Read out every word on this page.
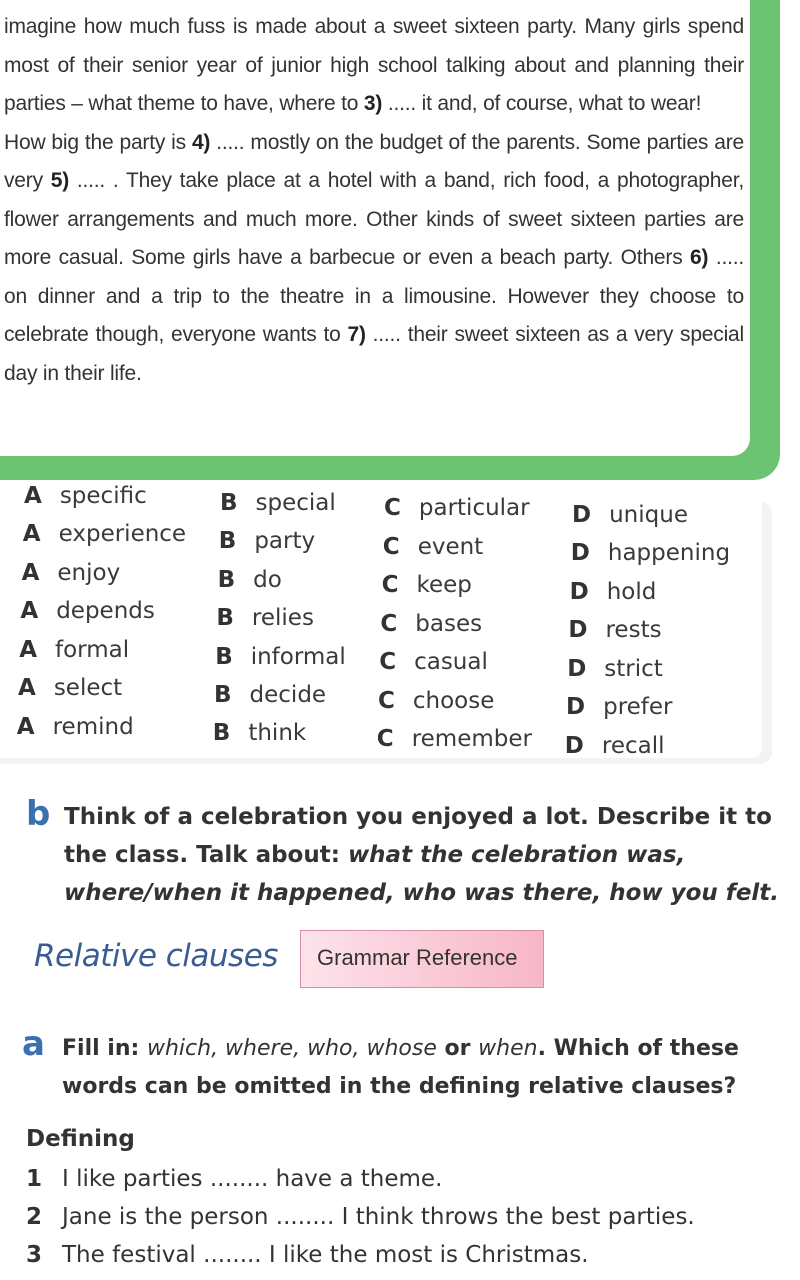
imagine how much fuss is made about a sweet sixteen party. Many girls spend most of their senior year of junior high school talking about and planning their parties – what theme to have, where to 3) ..... it and, of course, what to wear!

How big the party is 4) ..... mostly on the budget of the parents. Some parties are very 5) ..... . They take place at a hotel with a band, rich food, a photographer, flower arrangements and much more. Other kinds of sweet sixteen parties are more casual. Some girls have a barbecue or even a beach party. Others 6) ..... on dinner and a trip to the theatre in a limousine. However they choose to celebrate though, everyone wants to 7) ..... their sweet sixteen as a very special day in their life.

A specific	B special C particular D unique
A experience B party	C event	D happening
A enjoy	B do	C keep	D hold
A depends	B relies	C bases	D rests
A formal	B informal C casual	D strict
A select	B decide C choose	D prefer
A remind	B think	C remember D recall
b Think of a celebration you enjoyed a lot. Describe it to the class. Talk about: what the celebration was, where/when it happened, who was there, how you felt.
Relative clauses Grammar Reference
a Fill in: which, where, who, whose or when. Which of these words can be omitted in the defining relative clauses?
Defining
1 I like parties ........ have a theme.
2 Jane is the person ........ I think throws the best parties.
3 The festival ........ I like the most is Christmas.
